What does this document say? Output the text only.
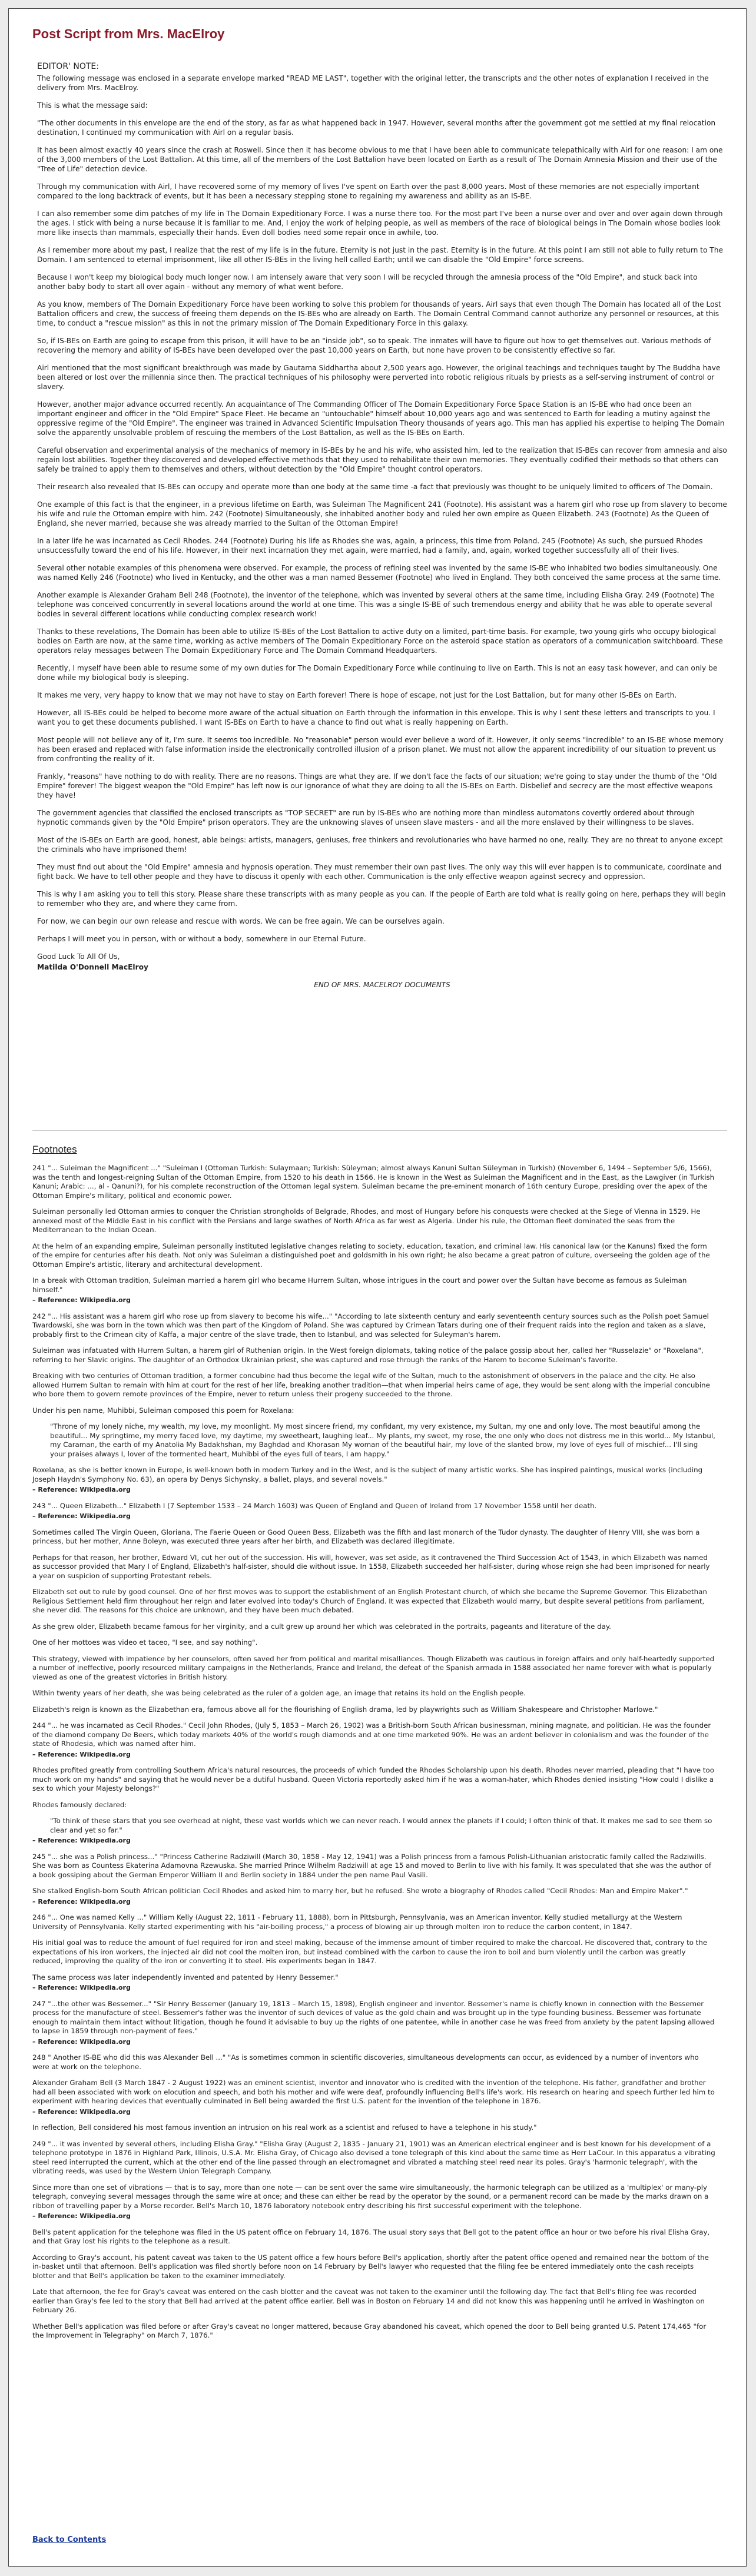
Post Script from Mrs. MacElroy

EDITOR' NOTE:

The following message was enclosed in a separate envelope marked "READ ME LAST", together with the original letter, the transcripts and the other notes of explanation I received in the delivery from Mrs. MacElroy.

This is what the message said:

"The other documents in this envelope are the end of the story, as far as what happened back in 1947. However, several months after the government got me settled at my final relocation destination, I continued my communication with Airl on a regular basis.

It has been almost exactly 40 years since the crash at Roswell. Since then it has become obvious to me that I have been able to communicate telepathically with Airl for one reason: I am one of the 3,000 members of the Lost Battalion. At this time, all of the members of the Lost Battalion have been located on Earth as a result of The Domain Amnesia Mission and their use of the "Tree of Life" detection device.

Through my communication with Airl, I have recovered some of my memory of lives I've spent on Earth over the past 8,000 years. Most of these memories are not especially important compared to the long backtrack of events, but it has been a necessary stepping stone to regaining my awareness and ability as an IS-BE.

I can also remember some dim patches of my life in The Domain Expeditionary Force. I was a nurse there too. For the most part I've been a nurse over and over and over again down through the ages. I stick with being a nurse because it is familiar to me. And, I enjoy the work of helping people, as well as members of the race of biological beings in The Domain whose bodies look more like insects than mammals, especially their hands. Even doll bodies need some repair once in awhile, too.

As I remember more about my past, I realize that the rest of my life is in the future. Eternity is not just in the past. Eternity is in the future. At this point I am still not able to fully return to The Domain. I am sentenced to eternal imprisonment, like all other IS-BEs in the living hell called Earth; until we can disable the "Old Empire" force screens.

Because I won't keep my biological body much longer now. I am intensely aware that very soon I will be recycled through the amnesia process of the "Old Empire", and stuck back into another baby body to start all over again - without any memory of what went before.

As you know, members of The Domain Expeditionary Force have been working to solve this problem for thousands of years. Airl says that even though The Domain has located all of the Lost Battalion officers and crew, the success of freeing them depends on the IS-BEs who are already on Earth. The Domain Central Command cannot authorize any personnel or resources, at this time, to conduct a "rescue mission" as this in not the primary mission of The Domain Expeditionary Force in this galaxy.

So, if IS-BEs on Earth are going to escape from this prison, it will have to be an "inside job", so to speak. The inmates will have to figure out how to get themselves out. Various methods of recovering the memory and ability of IS-BEs have been developed over the past 10,000 years on Earth, but none have proven to be consistently effective so far.

Airl mentioned that the most significant breakthrough was made by Gautama Siddhartha about 2,500 years ago. However, the original teachings and techniques taught by The Buddha have been altered or lost over the millennia since then. The practical techniques of his philosophy were perverted into robotic religious rituals by priests as a self-serving instrument of control or slavery.

However, another major advance occurred recently. An acquaintance of The Commanding Officer of The Domain Expeditionary Force Space Station is an IS-BE who had once been an important engineer and officer in the "Old Empire" Space Fleet. He became an "untouchable" himself about 10,000 years ago and was sentenced to Earth for leading a mutiny against the oppressive regime of the "Old Empire". The engineer was trained in Advanced Scientific Impulsation Theory thousands of years ago. This man has applied his expertise to helping The Domain solve the apparently unsolvable problem of rescuing the members of the Lost Battalion, as well as the IS-BEs on Earth.

Careful observation and experimental analysis of the mechanics of memory in IS-BEs by he and his wife, who assisted him, led to the realization that IS-BEs can recover from amnesia and also regain lost abilities. Together they discovered and developed effective methods that they used to rehabilitate their own memories. They eventually codified their methods so that others can safely be trained to apply them to themselves and others, without detection by the "Old Empire" thought control operators.

Their research also revealed that IS-BEs can occupy and operate more than one body at the same time -a fact that previously was thought to be uniquely limited to officers of The Domain.

One example of this fact is that the engineer, in a previous lifetime on Earth, was Suleiman The Magnificent 241 (Footnote). His assistant was a harem girl who rose up from slavery to become his wife and rule the Ottoman empire with him. 242 (Footnote) Simultaneously, she inhabited another body and ruled her own empire as Queen Elizabeth. 243 (Footnote) As the Queen of England, she never married, because she was already married to the Sultan of the Ottoman Empire!

In a later life he was incarnated as Cecil Rhodes. 244 (Footnote) During his life as Rhodes she was, again, a princess, this time from Poland. 245 (Footnote) As such, she pursued Rhodes unsuccessfully toward the end of his life. However, in their next incarnation they met again, were married, had a family, and, again, worked together successfully all of their lives.

Several other notable examples of this phenomena were observed. For example, the process of refining steel was invented by the same IS-BE who inhabited two bodies simultaneously. One was named Kelly 246 (Footnote) who lived in Kentucky, and the other was a man named Bessemer (Footnote) who lived in England. They both conceived the same process at the same time.

Another example is Alexander Graham Bell 248 (Footnote), the inventor of the telephone, which was invented by several others at the same time, including Elisha Gray. 249 (Footnote) The telephone was conceived concurrently in several locations around the world at one time. This was a single IS-BE of such tremendous energy and ability that he was able to operate several bodies in several different locations while conducting complex research work!

Thanks to these revelations, The Domain has been able to utilize IS-BEs of the Lost Battalion to active duty on a limited, part-time basis. For example, two young girls who occupy biological bodies on Earth are now, at the same time, working as active members of The Domain Expeditionary Force on the asteroid space station as operators of a communication switchboard. These operators relay messages between The Domain Expeditionary Force and The Domain Command Headquarters.

Recently, I myself have been able to resume some of my own duties for The Domain Expeditionary Force while continuing to live on Earth. This is not an easy task however, and can only be done while my biological body is sleeping.

It makes me very, very happy to know that we may not have to stay on Earth forever! There is hope of escape, not just for the Lost Battalion, but for many other IS-BEs on Earth.

However, all IS-BEs could be helped to become more aware of the actual situation on Earth through the information in this envelope. This is why I sent these letters and transcripts to you. I want you to get these documents published. I want IS-BEs on Earth to have a chance to find out what is really happening on Earth.

Most people will not believe any of it, I'm sure. It seems too incredible. No "reasonable" person would ever believe a word of it. However, it only seems "incredible" to an IS-BE whose memory has been erased and replaced with false information inside the electronically controlled illusion of a prison planet. We must not allow the apparent incredibility of our situation to prevent us from confronting the reality of it.

Frankly, "reasons" have nothing to do with reality. There are no reasons. Things are what they are. If we don't face the facts of our situation; we're going to stay under the thumb of the "Old Empire" forever! The biggest weapon the "Old Empire" has left now is our ignorance of what they are doing to all the IS-BEs on Earth. Disbelief and secrecy are the most effective weapons they have!

The government agencies that classified the enclosed transcripts as "TOP SECRET" are run by IS-BEs who are nothing more than mindless automatons covertly ordered about through hypnotic commands given by the "Old Empire" prison operators. They are the unknowing slaves of unseen slave masters - and all the more enslaved by their willingness to be slaves.

Most of the IS-BEs on Earth are good, honest, able beings: artists, managers, geniuses, free thinkers and revolutionaries who have harmed no one, really. They are no threat to anyone except the criminals who have imprisoned them!

They must find out about the "Old Empire" amnesia and hypnosis operation. They must remember their own past lives. The only way this will ever happen is to communicate, coordinate and fight back. We have to tell other people and they have to discuss it openly with each other. Communication is the only effective weapon against secrecy and oppression.

This is why I am asking you to tell this story. Please share these transcripts with as many people as you can. If the people of Earth are told what is really going on here, perhaps they will begin to remember who they are, and where they came from.

For now, we can begin our own release and rescue with words. We can be free again. We can be ourselves again.

Perhaps I will meet you in person, with or without a body, somewhere in our Eternal Future.

Good Luck To All Of Us,

Matilda O'Donnell MacElroy

END OF MRS. MACELROY DOCUMENTS

Footnotes

241 "... Suleiman the Magnificent ..." "Suleiman I (Ottoman Turkish: Sulaymaan; Turkish: Süleyman; almost always Kanuni Sultan Süleyman in Turkish) (November 6, 1494 – September 5/6, 1566), was the tenth and longest-reigning Sultan of the Ottoman Empire, from 1520 to his death in 1566. He is known in the West as Suleiman the Magnificent and in the East, as the Lawgiver (in Turkish Kanuni; Arabic: ..., al - Qanuni?), for his complete reconstruction of the Ottoman legal system. Suleiman became the pre-eminent monarch of 16th century Europe, presiding over the apex of the Ottoman Empire's military, political and economic power.

Suleiman personally led Ottoman armies to conquer the Christian strongholds of Belgrade, Rhodes, and most of Hungary before his conquests were checked at the Siege of Vienna in 1529. He annexed most of the Middle East in his conflict with the Persians and large swathes of North Africa as far west as Algeria. Under his rule, the Ottoman fleet dominated the seas from the Mediterranean to the Indian Ocean.

At the helm of an expanding empire, Suleiman personally instituted legislative changes relating to society, education, taxation, and criminal law. His canonical law (or the Kanuns) fixed the form of the empire for centuries after his death. Not only was Suleiman a distinguished poet and goldsmith in his own right; he also became a great patron of culture, overseeing the golden age of the Ottoman Empire's artistic, literary and architectural development.

In a break with Ottoman tradition, Suleiman married a harem girl who became Hurrem Sultan, whose intrigues in the court and power over the Sultan have become as famous as Suleiman himself."

– Reference: Wikipedia.org

242 "... His assistant was a harem girl who rose up from slavery to become his wife..." "According to late sixteenth century and early seventeenth century sources such as the Polish poet Samuel Twardowski, she was born in the town which was then part of the Kingdom of Poland. She was captured by Crimean Tatars during one of their frequent raids into the region and taken as a slave, probably first to the Crimean city of Kaffa, a major centre of the slave trade, then to Istanbul, and was selected for Suleyman's harem.

Suleiman was infatuated with Hurrem Sultan, a harem girl of Ruthenian origin. In the West foreign diplomats, taking notice of the palace gossip about her, called her "Russelazie" or "Roxelana", referring to her Slavic origins. The daughter of an Orthodox Ukrainian priest, she was captured and rose through the ranks of the Harem to become Suleiman's favorite.

Breaking with two centuries of Ottoman tradition, a former concubine had thus become the legal wife of the Sultan, much to the astonishment of observers in the palace and the city. He also allowed Hurrem Sultan to remain with him at court for the rest of her life, breaking another tradition—that when imperial heirs came of age, they would be sent along with the imperial concubine who bore them to govern remote provinces of the Empire, never to return unless their progeny succeeded to the throne.

Under his pen name, Muhibbi, Suleiman composed this poem for Roxelana:

"Throne of my lonely niche, my wealth, my love, my moonlight. My most sincere friend, my confidant, my very existence, my Sultan, my one and only love. The most beautiful among the beautiful... My springtime, my merry faced love, my daytime, my sweetheart, laughing leaf... My plants, my sweet, my rose, the one only who does not distress me in this world... My Istanbul, my Caraman, the earth of my Anatolia My Badakhshan, my Baghdad and Khorasan My woman of the beautiful hair, my love of the slanted brow, my love of eyes full of mischief... I'll sing your praises always I, lover of the tormented heart, Muhibbi of the eyes full of tears, I am happy."

Roxelana, as she is better known in Europe, is well-known both in modern Turkey and in the West, and is the subject of many artistic works. She has inspired paintings, musical works (including Joseph Haydn's Symphony No. 63), an opera by Denys Sichynsky, a ballet, plays, and several novels."

– Reference: Wikipedia.org

243 "... Queen Elizabeth..." Elizabeth I (7 September 1533 – 24 March 1603) was Queen of England and Queen of Ireland from 17 November 1558 until her death.

– Reference: Wikipedia.org

Sometimes called The Virgin Queen, Gloriana, The Faerie Queen or Good Queen Bess, Elizabeth was the fifth and last monarch of the Tudor dynasty. The daughter of Henry VIII, she was born a princess, but her mother, Anne Boleyn, was executed three years after her birth, and Elizabeth was declared illegitimate.

Perhaps for that reason, her brother, Edward VI, cut her out of the succession. His will, however, was set aside, as it contravened the Third Succession Act of 1543, in which Elizabeth was named as successor provided that Mary I of England, Elizabeth's half-sister, should die without issue. In 1558, Elizabeth succeeded her half-sister, during whose reign she had been imprisoned for nearly a year on suspicion of supporting Protestant rebels.

Elizabeth set out to rule by good counsel. One of her first moves was to support the establishment of an English Protestant church, of which she became the Supreme Governor. This Elizabethan Religious Settlement held firm throughout her reign and later evolved into today's Church of England. It was expected that Elizabeth would marry, but despite several petitions from parliament, she never did. The reasons for this choice are unknown, and they have been much debated.

As she grew older, Elizabeth became famous for her virginity, and a cult grew up around her which was celebrated in the portraits, pageants and literature of the day.

One of her mottoes was video et taceo, "I see, and say nothing".

This strategy, viewed with impatience by her counselors, often saved her from political and marital misalliances. Though Elizabeth was cautious in foreign affairs and only half-heartedly supported a number of ineffective, poorly resourced military campaigns in the Netherlands, France and Ireland, the defeat of the Spanish armada in 1588 associated her name forever with what is popularly viewed as one of the greatest victories in British history.

Within twenty years of her death, she was being celebrated as the ruler of a golden age, an image that retains its hold on the English people.

Elizabeth's reign is known as the Elizabethan era, famous above all for the flourishing of English drama, led by playwrights such as William Shakespeare and Christopher Marlowe."

244 "... he was incarnated as Cecil Rhodes." Cecil John Rhodes, (July 5, 1853 – March 26, 1902) was a British-born South African businessman, mining magnate, and politician. He was the founder of the diamond company De Beers, which today markets 40% of the world's rough diamonds and at one time marketed 90%. He was an ardent believer in colonialism and was the founder of the state of Rhodesia, which was named after him.

– Reference: Wikipedia.org

Rhodes profited greatly from controlling Southern Africa's natural resources, the proceeds of which funded the Rhodes Scholarship upon his death. Rhodes never married, pleading that "I have too much work on my hands" and saying that he would never be a dutiful husband. Queen Victoria reportedly asked him if he was a woman-hater, which Rhodes denied insisting "How could I dislike a sex to which your Majesty belongs?"

Rhodes famously declared:

"To think of these stars that you see overhead at night, these vast worlds which we can never reach. I would annex the planets if I could; I often think of that. It makes me sad to see them so clear and yet so far."

– Reference: Wikipedia.org

245 "... she was a Polish princess..." "Princess Catherine Radziwill (March 30, 1858 - May 12, 1941) was a Polish princess from a famous Polish-Lithuanian aristocratic family called the Radziwills. She was born as Countess Ekaterina Adamovna Rzewuska. She married Prince Wilhelm Radziwill at age 15 and moved to Berlin to live with his family. It was speculated that she was the author of a book gossiping about the German Emperor William II and Berlin society in 1884 under the pen name Paul Vasili.

She stalked English-born South African politician Cecil Rhodes and asked him to marry her, but he refused. She wrote a biography of Rhodes called "Cecil Rhodes: Man and Empire Maker"."

– Reference: Wikipedia.org

246 "... One was named Kelly ..." William Kelly (August 22, 1811 - February 11, 1888), born in Pittsburgh, Pennsylvania, was an American inventor. Kelly studied metallurgy at the Western University of Pennsylvania. Kelly started experimenting with his "air-boiling process," a process of blowing air up through molten iron to reduce the carbon content, in 1847.

His initial goal was to reduce the amount of fuel required for iron and steel making, because of the immense amount of timber required to make the charcoal. He discovered that, contrary to the expectations of his iron workers, the injected air did not cool the molten iron, but instead combined with the carbon to cause the iron to boil and burn violently until the carbon was greatly reduced, improving the quality of the iron or converting it to steel. His experiments began in 1847.

The same process was later independently invented and patented by Henry Bessemer."

– Reference: Wikipedia.org

247 "...the other was Bessemer..." "Sir Henry Bessemer (January 19, 1813 – March 15, 1898), English engineer and inventor. Bessemer's name is chiefly known in connection with the Bessemer process for the manufacture of steel. Bessemer's father was the inventor of such devices of value as the gold chain and was brought up in the type founding business. Bessemer was fortunate enough to maintain them intact without litigation, though he found it advisable to buy up the rights of one patentee, while in another case he was freed from anxiety by the patent lapsing allowed to lapse in 1859 through non-payment of fees."

– Reference: Wikipedia.org

248 " Another IS-BE who did this was Alexander Bell ..." "As is sometimes common in scientific discoveries, simultaneous developments can occur, as evidenced by a number of inventors who were at work on the telephone.

Alexander Graham Bell (3 March 1847 - 2 August 1922) was an eminent scientist, inventor and innovator who is credited with the invention of the telephone. His father, grandfather and brother had all been associated with work on elocution and speech, and both his mother and wife were deaf, profoundly influencing Bell's life's work. His research on hearing and speech further led him to experiment with hearing devices that eventually culminated in Bell being awarded the first U.S. patent for the invention of the telephone in 1876.

– Reference: Wikipedia.org

In reflection, Bell considered his most famous invention an intrusion on his real work as a scientist and refused to have a telephone in his study."

249 "... it was invented by several others, including Elisha Gray." "Elisha Gray (August 2, 1835 - January 21, 1901) was an American electrical engineer and is best known for his development of a telephone prototype in 1876 in Highland Park, Illinois, U.S.A. Mr. Elisha Gray, of Chicago also devised a tone telegraph of this kind about the same time as Herr LaCour. In this apparatus a vibrating steel reed interrupted the current, which at the other end of the line passed through an electromagnet and vibrated a matching steel reed near its poles. Gray's 'harmonic telegraph', with the vibrating reeds, was used by the Western Union Telegraph Company.

Since more than one set of vibrations — that is to say, more than one note — can be sent over the same wire simultaneously, the harmonic telegraph can be utilized as a 'multiplex' or many-ply telegraph, conveying several messages through the same wire at once; and these can either be read by the operator by the sound, or a permanent record can be made by the marks drawn on a ribbon of travelling paper by a Morse recorder. Bell's March 10, 1876 laboratory notebook entry describing his first successful experiment with the telephone.

– Reference: Wikipedia.org

Bell's patent application for the telephone was filed in the US patent office on February 14, 1876. The usual story says that Bell got to the patent office an hour or two before his rival Elisha Gray, and that Gray lost his rights to the telephone as a result.

According to Gray's account, his patent caveat was taken to the US patent office a few hours before Bell's application, shortly after the patent office opened and remained near the bottom of the in-basket until that afternoon. Bell's application was filed shortly before noon on 14 February by Bell's lawyer who requested that the filing fee be entered immediately onto the cash receipts blotter and that Bell's application be taken to the examiner immediately.

Late that afternoon, the fee for Gray's caveat was entered on the cash blotter and the caveat was not taken to the examiner until the following day. The fact that Bell's filing fee was recorded earlier than Gray's fee led to the story that Bell had arrived at the patent office earlier. Bell was in Boston on February 14 and did not know this was happening until he arrived in Washington on February 26.

Whether Bell's application was filed before or after Gray's caveat no longer mattered, because Gray abandoned his caveat, which opened the door to Bell being granted U.S. Patent 174,465 "for the Improvement in Telegraphy" on March 7, 1876."

Back to Contents
